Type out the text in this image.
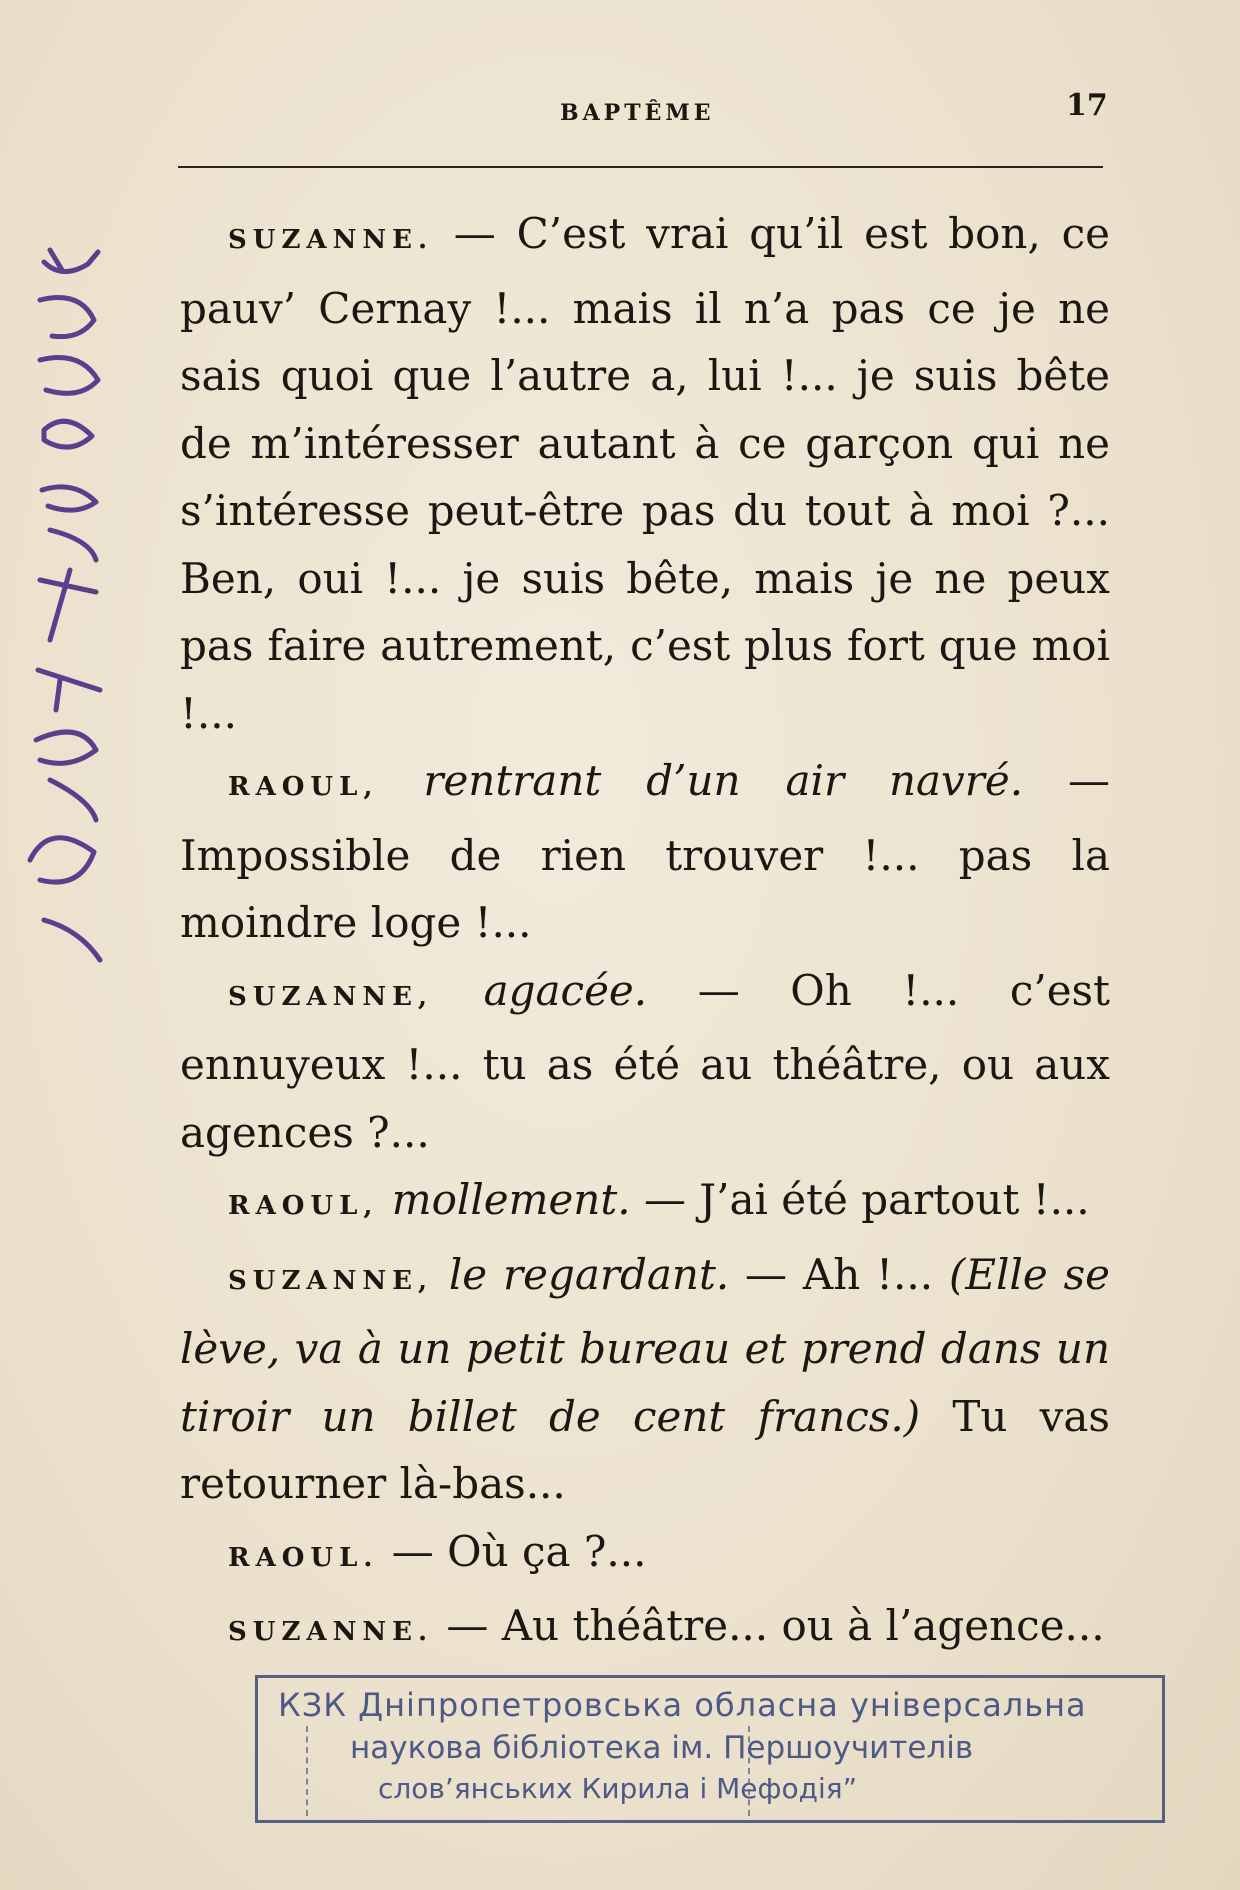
BAPTÊME	17
д1151 75030Ч.	SUZANNE. — C’est vrai qu’il est bon, ce pauv’ Cernay !... mais il n’a pas ce je ne sais quoi que l’autre a, lui !... je suis bête de m’intéresser autant à ce garçon qui ne s’intéresse peut-être pas du tout à moi ?... Ben, oui !... je suis bête, mais je ne peux pas faire autrement, c’est plus fort que moi !...

RAOUL, rentrant d’un air navré. — Impossible de rien trouver !... pas la moindre loge !...

SUZANNE, agacée. — Oh !... c’est ennuyeux !... tu as été au théâtre, ou aux agences ?...

RAOUL, mollement. — J’ai été partout !...

SUZANNE, le regardant. — Ah !... (Elle se lève, va à un petit bureau et prend dans un tiroir un billet de cent francs.) Tu vas retourner là-bas...

RAOUL. — Où ça ?...

SUZANNE. — Au théâtre... ou à l’agence...

КЗК Дніпропетровська обласна універсальна
наукова бібліотека ім. Першоучителів
слов’янських Кирила і Мефодія”
